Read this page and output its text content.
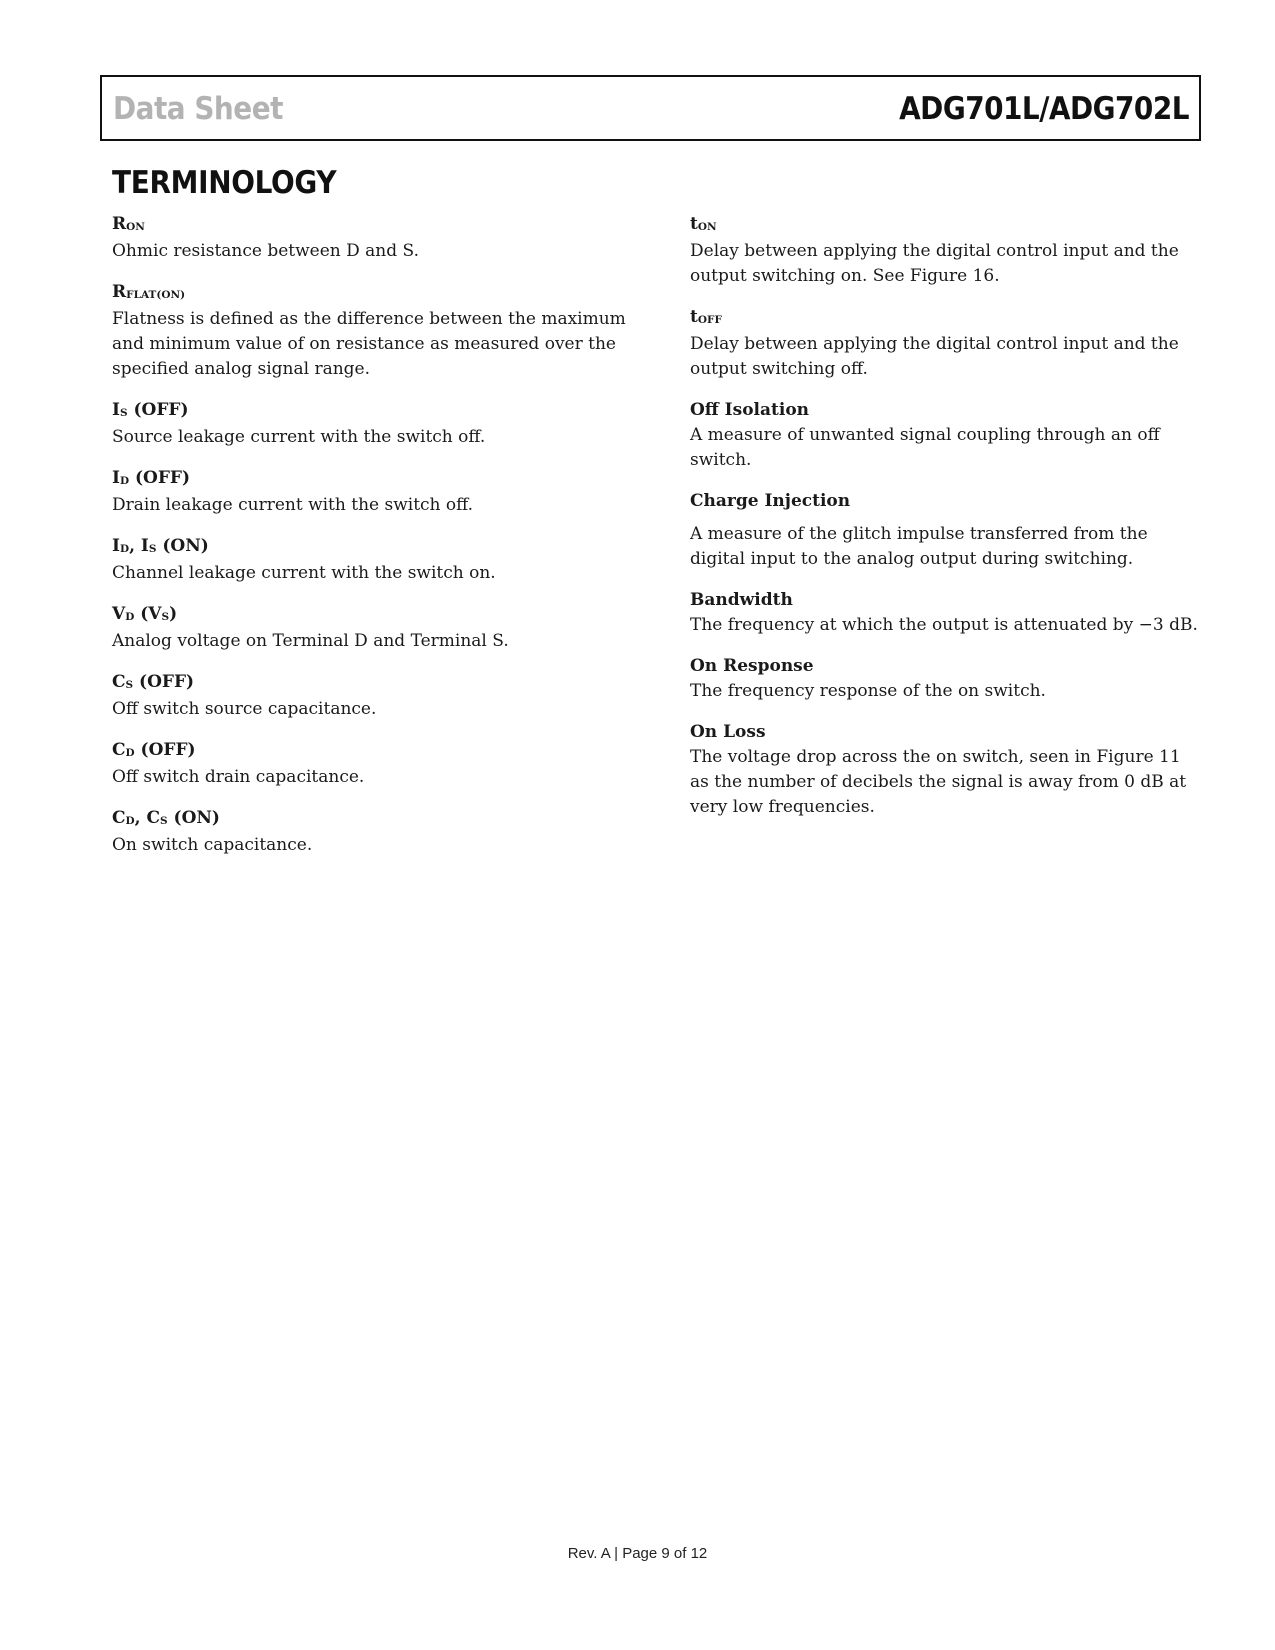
Data Sheet	ADG701L/ADG702L
TERMINOLOGY
$R_{ON}$
Ohmic resistance between D and S.
$R_{FLAT(ON)}$
Flatness is defined as the difference between the maximum and minimum value of on resistance as measured over the specified analog signal range.
$I_S$ (OFF)
Source leakage current with the switch off.
$I_D$ (OFF)
Drain leakage current with the switch off.
$I_D$, $I_S$ (ON)
Channel leakage current with the switch on.
$V_D$ $(V_S)$
Analog voltage on Terminal D and Terminal S.
$C_S$ (OFF)
Off switch source capacitance.
$C_D$ (OFF)
Off switch drain capacitance.
$C_D$, $C_S$ (ON)
On switch capacitance.
$t_{ON}$
Delay between applying the digital control input and the output switching on. See Figure 16.
$t_{OFF}$
Delay between applying the digital control input and the output switching off.
Off Isolation
A measure of unwanted signal coupling through an off switch.
Charge Injection
A measure of the glitch impulse transferred from the digital input to the analog output during switching.
Bandwidth
The frequency at which the output is attenuated by −3 dB.
On Response
The frequency response of the on switch.
On Loss
The voltage drop across the on switch, seen in Figure 11 as the number of decibels the signal is away from 0 dB at very low frequencies.
Rev. A | Page 9 of 12
